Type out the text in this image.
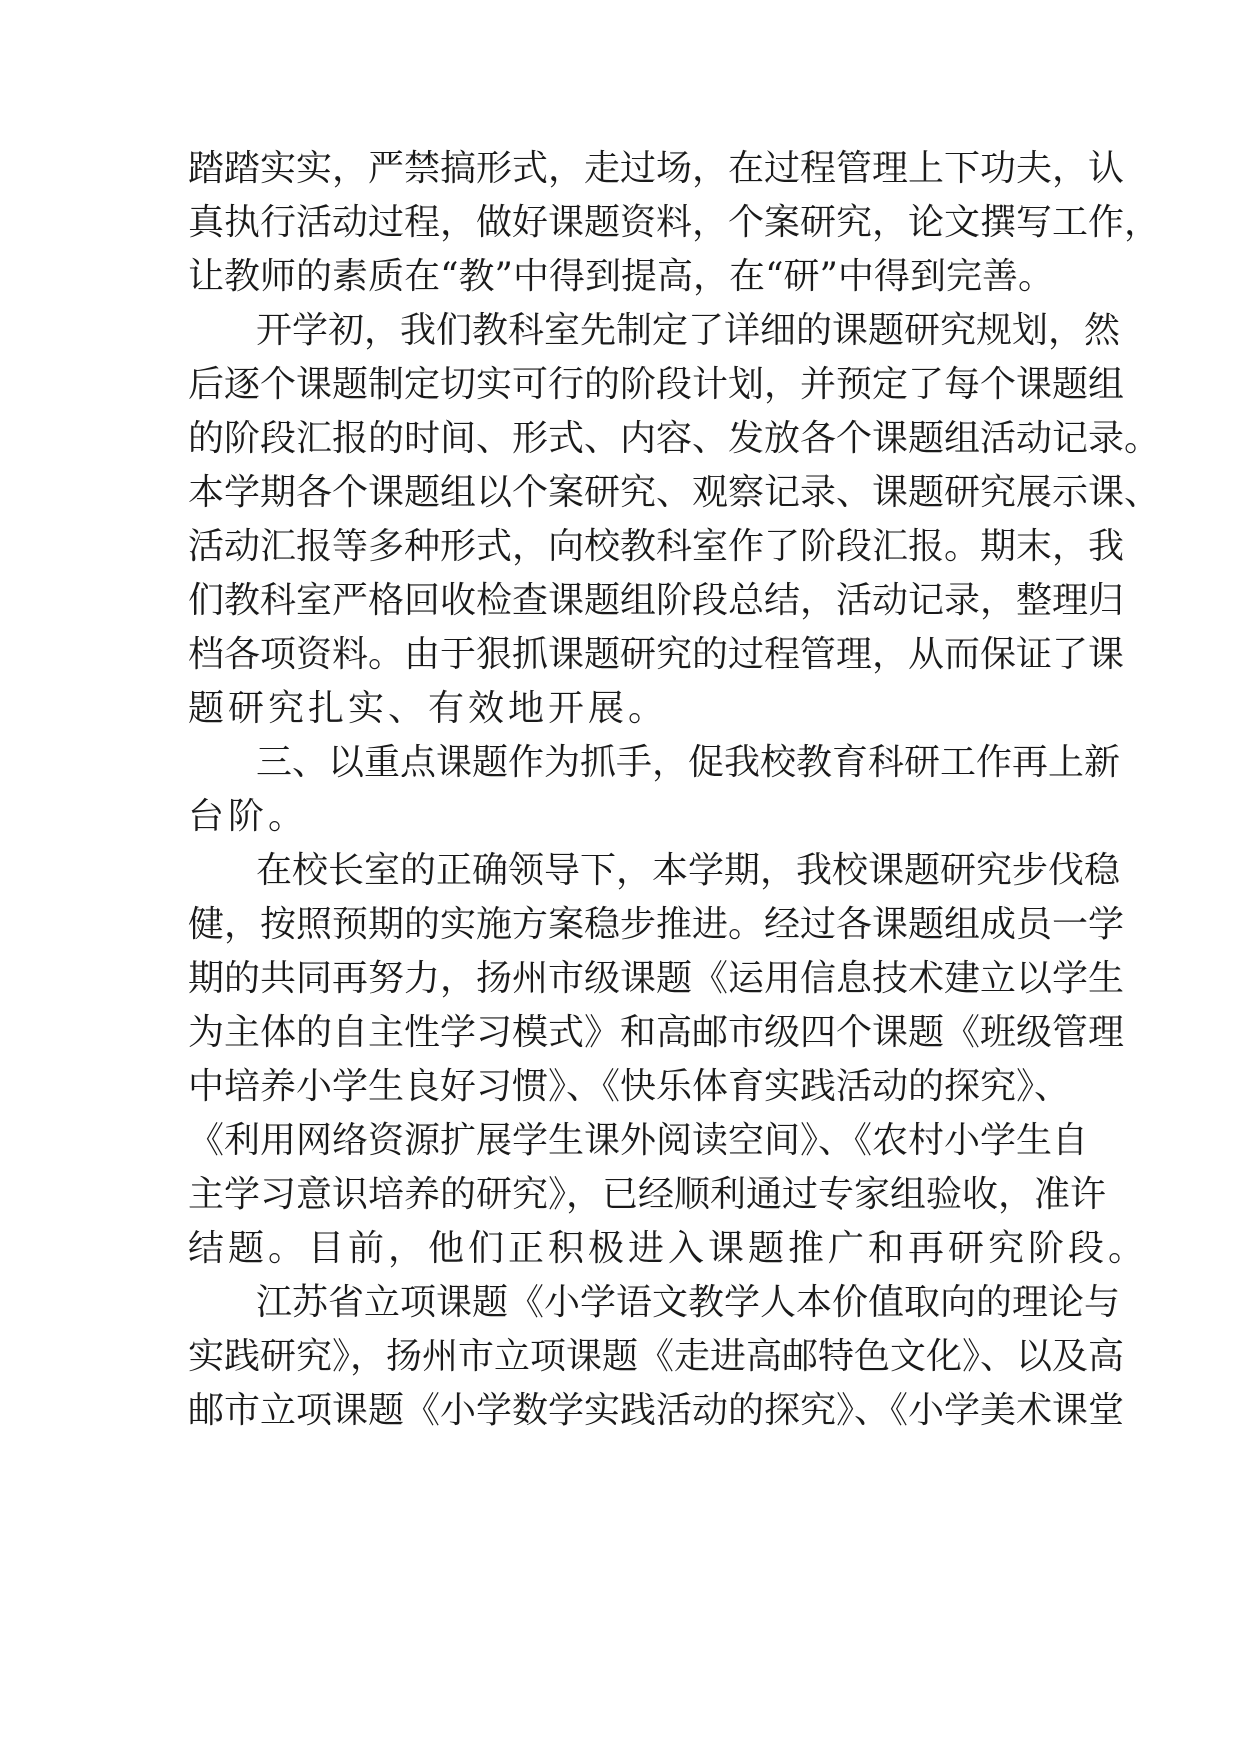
踏踏实实，严禁搞形式，走过场，在过程管理上下功夫，认
真执行活动过程，做好课题资料，个案研究，论文撰写工作，
让教师的素质在“教”中得到提高，在“研”中得到完善。
开学初，我们教科室先制定了详细的课题研究规划，然
后逐个课题制定切实可行的阶段计划，并预定了每个课题组
的阶段汇报的时间、形式、内容、发放各个课题组活动记录。
本学期各个课题组以个案研究、观察记录、课题研究展示课、
活动汇报等多种形式，向校教科室作了阶段汇报。期末，我
们教科室严格回收检查课题组阶段总结，活动记录，整理归
档各项资料。由于狠抓课题研究的过程管理，从而保证了课
题研究扎实、有效地开展。
三、以重点课题作为抓手，促我校教育科研工作再上新
台阶。
在校长室的正确领导下，本学期，我校课题研究步伐稳
健，按照预期的实施方案稳步推进。经过各课题组成员一学
期的共同再努力，扬州市级课题《运用信息技术建立以学生
为主体的自主性学习模式》和高邮市级四个课题《班级管理
中培养小学生良好习惯》、《快乐体育实践活动的探究》、
《利用网络资源扩展学生课外阅读空间》、《农村小学生自
主学习意识培养的研究》，已经顺利通过专家组验收，准许
结题。目前，他们正积极进入课题推广和再研究阶段。
江苏省立项课题《小学语文教学人本价值取向的理论与
实践研究》，扬州市立项课题《走进高邮特色文化》、以及高
邮市立项课题《小学数学实践活动的探究》、《小学美术课堂
